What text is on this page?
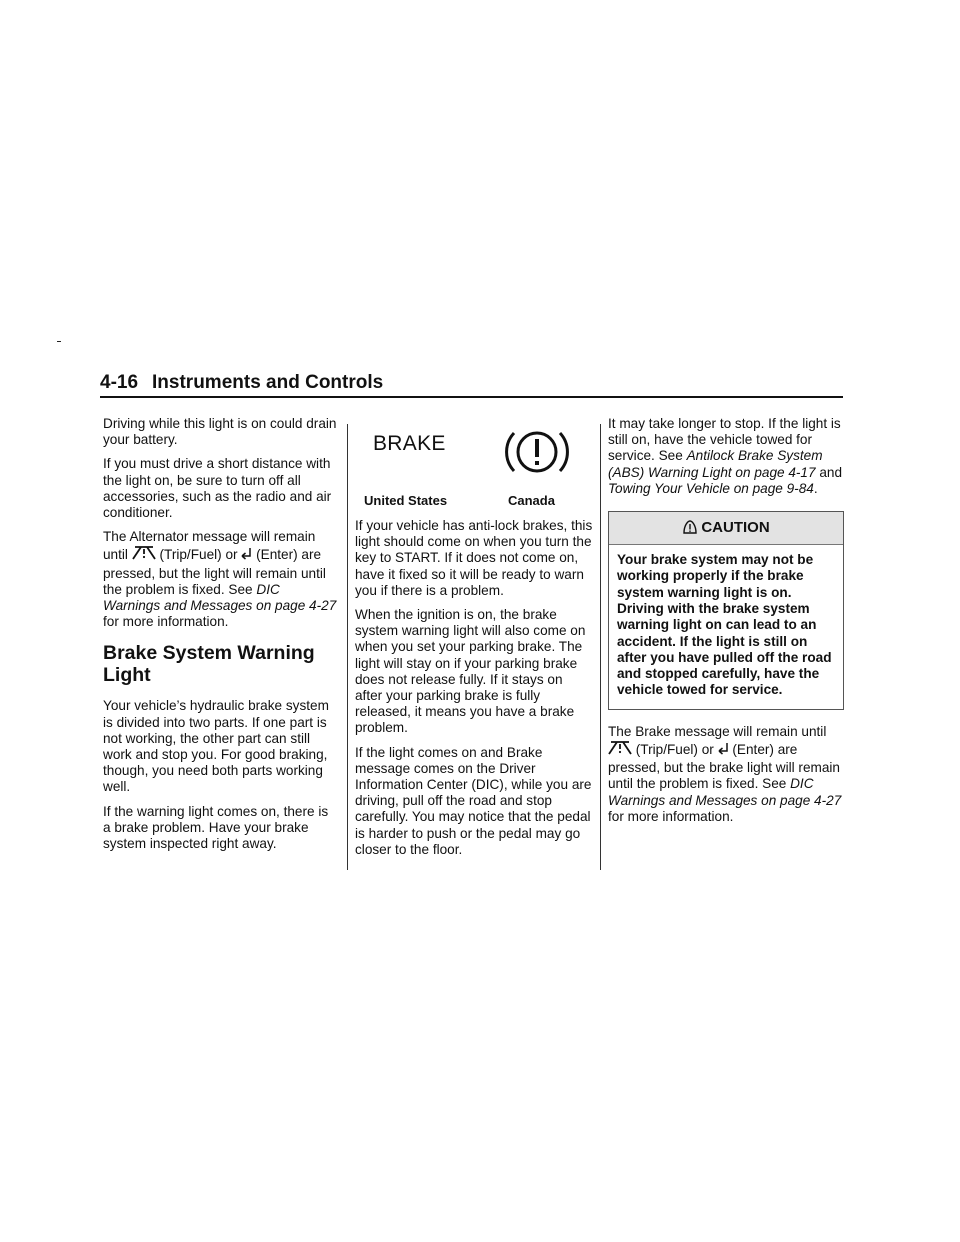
4-16 Instruments and Controls

Driving while this light is on could drain your battery.

If you must drive a short distance with the light on, be sure to turn off all accessories, such as the radio and air conditioner.

The Alternator message will remain until  (Trip/Fuel) or  (Enter) are pressed, but the light will remain until the problem is fixed. See DIC Warnings and Messages on page 4‑27 for more information.

Brake System Warning Light

Your vehicle’s hydraulic brake system is divided into two parts. If one part is not working, the other part can still work and stop you. For good braking, though, you need both parts working well.

If the warning light comes on, there is a brake problem. Have your brake system inspected right away.

BRAKE
United States	Canada

If your vehicle has anti-lock brakes, this light should come on when you turn the key to START. If it does not come on, have it fixed so it will be ready to warn you if there is a problem.

When the ignition is on, the brake system warning light will also come on when you set your parking brake. The light will stay on if your parking brake does not release fully. If it stays on after your parking brake is fully released, it means you have a brake problem.

If the light comes on and Brake message comes on the Driver Information Center (DIC), while you are driving, pull off the road and stop carefully. You may notice that the pedal is harder to push or the pedal may go closer to the floor.

It may take longer to stop. If the light is still on, have the vehicle towed for service. See Antilock Brake System (ABS) Warning Light on page 4‑17 and Towing Your Vehicle on page 9‑84.

CAUTION
Your brake system may not be working properly if the brake system warning light is on. Driving with the brake system warning light on can lead to an accident. If the light is still on after you have pulled off the road and stopped carefully, have the vehicle towed for service.

The Brake message will remain until  (Trip/Fuel) or  (Enter) are pressed, but the brake light will remain until the problem is fixed. See DIC Warnings and Messages on page 4‑27 for more information.
